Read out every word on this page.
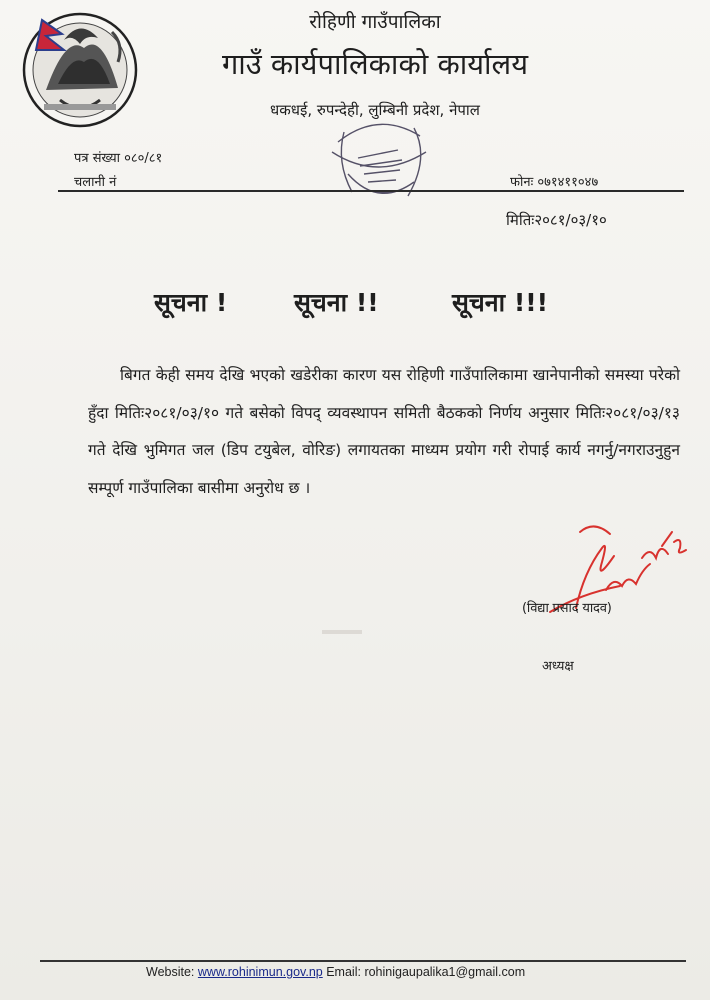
रोहिणी गाउँपालिका
गाउँ कार्यपालिकाको कार्यालय
धकधई, रुपन्देही, लुम्बिनी प्रदेश, नेपाल
पत्र संख्या ०८०/८१
चलानी नं	फोनः ०७१४११०४७
मितिः२०८१/०३/१०
सूचना !	सूचना !!	सूचना !!!
बिगत केही समय देखि भएको खडेरीका कारण यस रोहिणी गाउँपालिकामा खानेपानीको समस्या परेको हुँदा मितिः२०८१/०३/१० गते बसेको विपद् व्यवस्थापन समिती बैठकको निर्णय अनुसार मितिः२०८१/०३/१३ गते देखि भुमिगत जल (डिप टयुबेल, वोरिङ) लगायतका माध्यम प्रयोग गरी रोपाई कार्य नगर्नु/नगराउनुहुन सम्पूर्ण गाउँपालिका बासीमा अनुरोध छ ।
(विद्या प्रसाद यादव)
अध्यक्ष
Website: www.rohinimun.gov.np Email: rohinigaupalika1@gmail.com
